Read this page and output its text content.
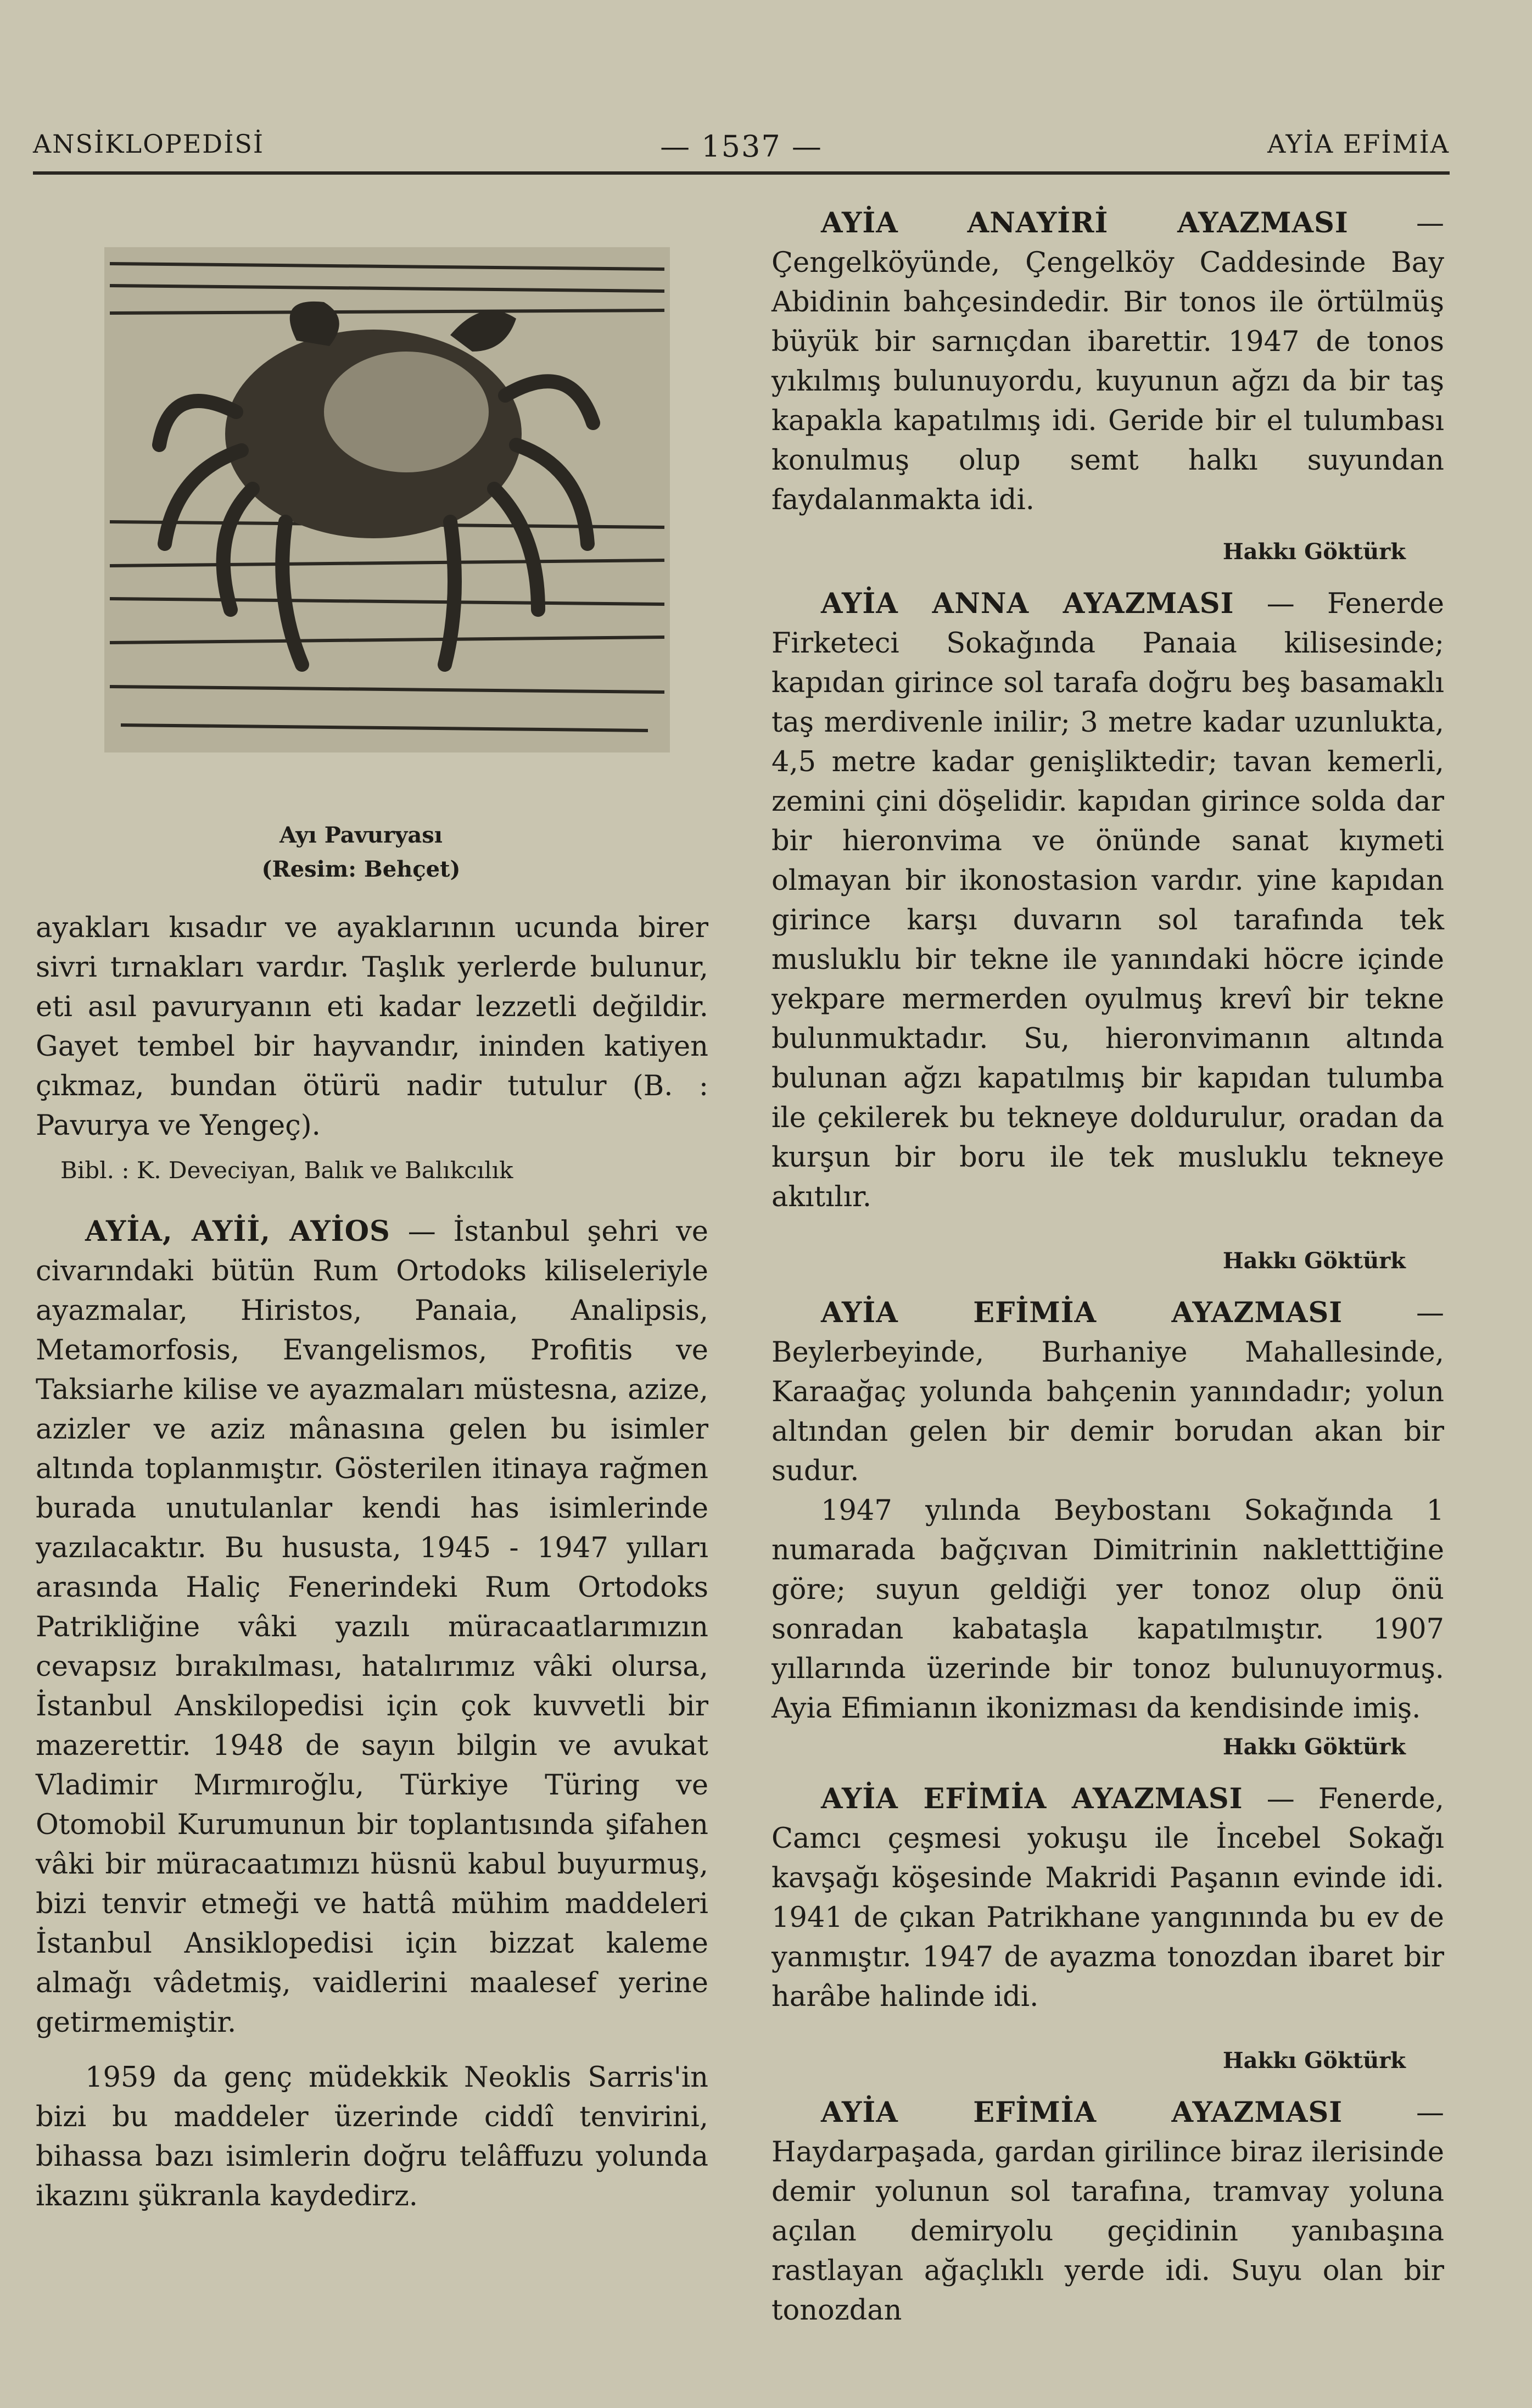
ANSİKLOPEDİSİ	— 1537 —	AYİA EFİMİA
Ayı Pavuryası
(Resim: Behçet)

ayakları kısadır ve ayaklarının ucunda birer sivri tırnakları vardır. Taşlık yerlerde bulunur, eti asıl pavuryanın eti kadar lezzetli değildir. Gayet tembel bir hayvandır, ininden katiyen çıkmaz, bundan ötürü nadir tutulur (B. : Pavurya ve Yengeç).

Bibl. : K. Deveciyan, Balık ve Balıkcılık

AYİA, AYİİ, AYİOS — İstanbul şehri ve civarındaki bütün Rum Ortodoks kiliseleriyle ayazmalar, Hiristos, Panaia, Analipsis, Metamorfosis, Evangelismos, Profitis ve Taksiarhe kilise ve ayazmaları müstesna, azize, azizler ve aziz mânasına gelen bu isimler altında toplanmıştır. Gösterilen itinaya rağmen burada unutulanlar kendi has isimlerinde yazılacaktır. Bu hususta, 1945 - 1947 yılları arasında Haliç Fenerindeki Rum Ortodoks Patrikliğine vâki yazılı müracaatlarımızın cevapsız bırakılması, hatalırımız vâki olursa, İstanbul Anskilopedisi için çok kuvvetli bir mazerettir. 1948 de sayın bilgin ve avukat Vladimir Mırmıroğlu, Türkiye Türing ve Otomobil Kurumunun bir toplantısında şifahen vâki bir müracaatımızı hüsnü kabul buyurmuş, bizi tenvir etmeği ve hattâ mühim maddeleri İstanbul Ansiklopedisi için bizzat kaleme almağı vâdetmiş, vaidlerini maalesef yerine getirmemiştir.

1959 da genç müdekkik Neoklis Sarris'in bizi bu maddeler üzerinde ciddî tenvirini, bihassa bazı isimlerin doğru telâffuzu yolunda ikazını şükranla kaydedirz.

AYİA ANAYİRİ AYAZMASI — Çengelköyünde, Çengelköy Caddesinde Bay Abidinin bahçesindedir. Bir tonos ile örtülmüş büyük bir sarnıçdan ibarettir. 1947 de tonos yıkılmış bulunuyordu, kuyunun ağzı da bir taş kapakla kapatılmış idi. Geride bir el tulumbası konulmuş olup semt halkı suyundan faydalanmakta idi.

Hakkı Göktürk

AYİA ANNA AYAZMASI — Fenerde Firketeci Sokağında Panaia kilisesinde; kapıdan girince sol tarafa doğru beş basamaklı taş merdivenle inilir; 3 metre kadar uzunlukta, 4,5 metre kadar genişliktedir; tavan kemerli, zemini çini döşelidir. kapıdan girince solda dar bir hieronvima ve önünde sanat kıymeti olmayan bir ikonostasion vardır. yine kapıdan girince karşı duvarın sol tarafında tek musluklu bir tekne ile yanındaki höcre içinde yekpare mermerden oyulmuş krevî bir tekne bulunmuktadır. Su, hieronvimanın altında bulunan ağzı kapatılmış bir kapıdan tulumba ile çekilerek bu tekneye doldurulur, oradan da kurşun bir boru ile tek musluklu tekneye akıtılır.

Hakkı Göktürk

AYİA EFİMİA AYAZMASI — Beylerbeyinde, Burhaniye Mahallesinde, Karaağaç yolunda bahçenin yanındadır; yolun altından gelen bir demir borudan akan bir sudur.

1947 yılında Beybostanı Sokağında 1 numarada bağçıvan Dimitrinin nakletttiğine göre; suyun geldiği yer tonoz olup önü sonradan kabataşla kapatılmıştır. 1907 yıllarında üzerinde bir tonoz bulunuyormuş. Ayia Efimianın ikonizması da kendisinde imiş.

Hakkı Göktürk

AYİA EFİMİA AYAZMASI — Fenerde, Camcı çeşmesi yokuşu ile İncebel Sokağı kavşağı köşesinde Makridi Paşanın evinde idi. 1941 de çıkan Patrikhane yangınında bu ev de yanmıştır. 1947 de ayazma tonozdan ibaret bir harâbe halinde idi.

Hakkı Göktürk

AYİA EFİMİA AYAZMASI — Haydarpaşada, gardan girilince biraz ilerisinde demir yolunun sol tarafına, tramvay yoluna açılan demiryolu geçidinin yanıbaşına rastlayan ağaçlıklı yerde idi. Suyu olan bir tonozdan
